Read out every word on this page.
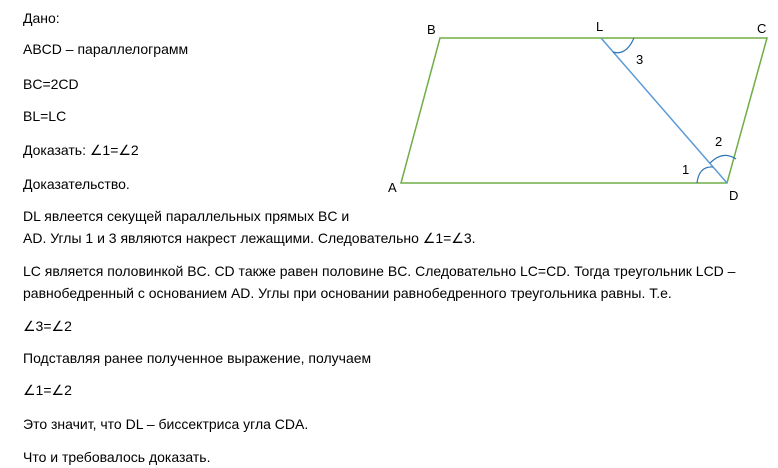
Дано:
ABCD – параллелограмм
BC=2CD
BL=LC
Доказать: ∠1=∠2
Доказательство.
DL явлеется секущей параллельных прямых BC и
AD. Углы 1 и 3 являются накрест лежащими. Следовательно ∠1=∠3.
LC является половинкой BC. CD также равен половине BC. Следовательно LC=CD. Тогда треугольник LCD –
равнобедренный с основанием AD. Углы при основании равнобедренного треугольника равны. Т.е.
∠3=∠2
Подставляя ранее полученное выражение, получаем
∠1=∠2
Это значит, что DL – биссектриса угла CDA.
Что и требовалось доказать.
B	L	C
A
D
3
1
2
